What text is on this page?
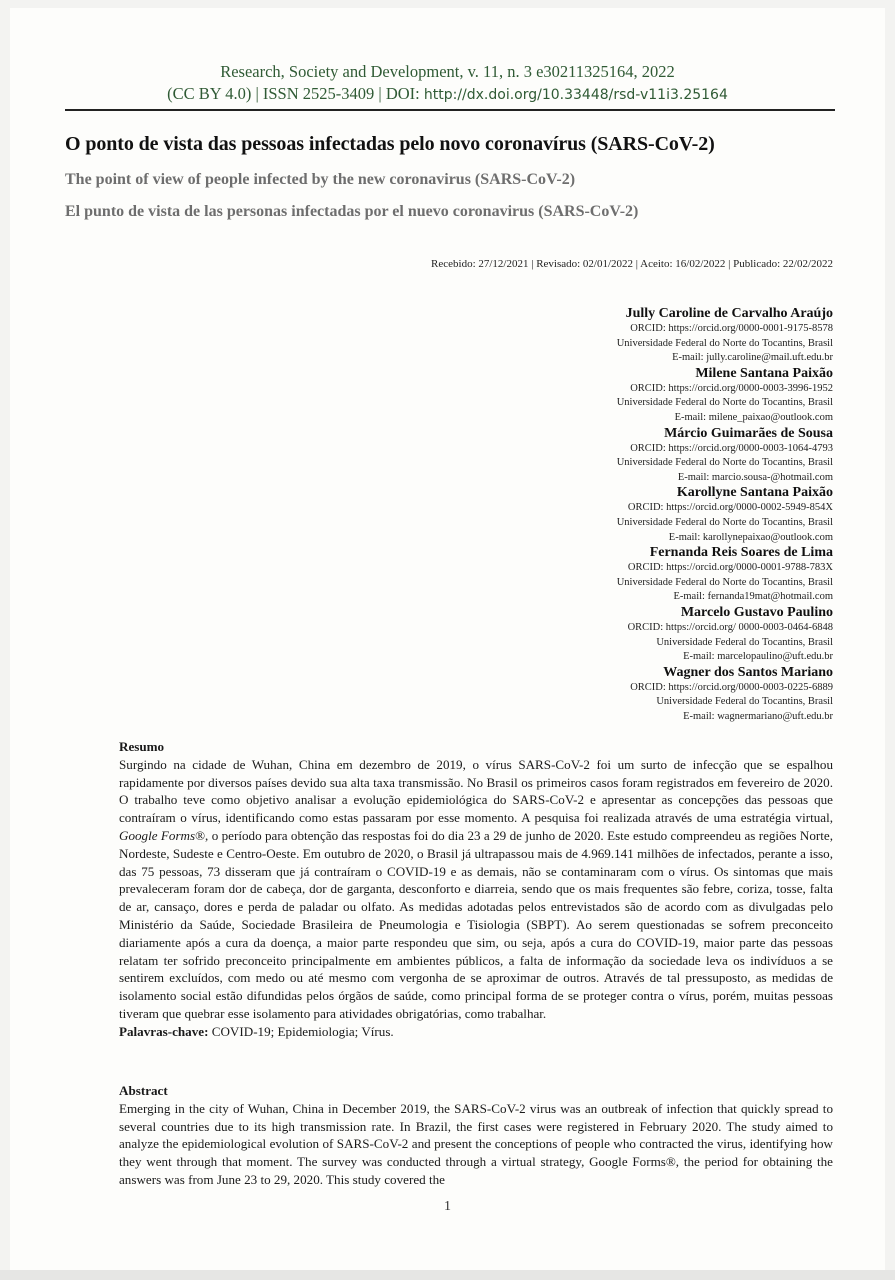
Research, Society and Development, v. 11, n. 3 e30211325164, 2022
(CC BY 4.0) | ISSN 2525-3409 | DOI: http://dx.doi.org/10.33448/rsd-v11i3.25164
O ponto de vista das pessoas infectadas pelo novo coronavírus (SARS-CoV-2)
The point of view of people infected by the new coronavirus (SARS-CoV-2)
El punto de vista de las personas infectadas por el nuevo coronavirus (SARS-CoV-2)
Recebido: 27/12/2021 | Revisado: 02/01/2022 | Aceito: 16/02/2022 | Publicado: 22/02/2022
Jully Caroline de Carvalho Araújo
ORCID: https://orcid.org/0000-0001-9175-8578
Universidade Federal do Norte do Tocantins, Brasil
E-mail: jully.caroline@mail.uft.edu.br
Milene Santana Paixão
ORCID: https://orcid.org/0000-0003-3996-1952
Universidade Federal do Norte do Tocantins, Brasil
E-mail: milene_paixao@outlook.com
Márcio Guimarães de Sousa
ORCID: https://orcid.org/0000-0003-1064-4793
Universidade Federal do Norte do Tocantins, Brasil
E-mail: marcio.sousa-@hotmail.com
Karollyne Santana Paixão
ORCID: https://orcid.org/0000-0002-5949-854X
Universidade Federal do Norte do Tocantins, Brasil
E-mail: karollynepaixao@outlook.com
Fernanda Reis Soares de Lima
ORCID: https://orcid.org/0000-0001-9788-783X
Universidade Federal do Norte do Tocantins, Brasil
E-mail: fernanda19mat@hotmail.com
Marcelo Gustavo Paulino
ORCID: https://orcid.org/ 0000-0003-0464-6848
Universidade Federal do Tocantins, Brasil
E-mail: marcelopaulino@uft.edu.br
Wagner dos Santos Mariano
ORCID: https://orcid.org/0000-0003-0225-6889
Universidade Federal do Tocantins, Brasil
E-mail: wagnermariano@uft.edu.br
Resumo
Surgindo na cidade de Wuhan, China em dezembro de 2019, o vírus SARS-CoV-2 foi um surto de infecção que se espalhou rapidamente por diversos países devido sua alta taxa transmissão. No Brasil os primeiros casos foram registrados em fevereiro de 2020. O trabalho teve como objetivo analisar a evolução epidemiológica do SARS-CoV-2 e apresentar as concepções das pessoas que contraíram o vírus, identificando como estas passaram por esse momento. A pesquisa foi realizada através de uma estratégia virtual, Google Forms®, o período para obtenção das respostas foi do dia 23 a 29 de junho de 2020. Este estudo compreendeu as regiões Norte, Nordeste, Sudeste e Centro-Oeste. Em outubro de 2020, o Brasil já ultrapassou mais de 4.969.141 milhões de infectados, perante a isso, das 75 pessoas, 73 disseram que já contraíram o COVID-19 e as demais, não se contaminaram com o vírus. Os sintomas que mais prevaleceram foram dor de cabeça, dor de garganta, desconforto e diarreia, sendo que os mais frequentes são febre, coriza, tosse, falta de ar, cansaço, dores e perda de paladar ou olfato. As medidas adotadas pelos entrevistados são de acordo com as divulgadas pelo Ministério da Saúde, Sociedade Brasileira de Pneumologia e Tisiologia (SBPT). Ao serem questionadas se sofrem preconceito diariamente após a cura da doença, a maior parte respondeu que sim, ou seja, após a cura do COVID-19, maior parte das pessoas relatam ter sofrido preconceito principalmente em ambientes públicos, a falta de informação da sociedade leva os indivíduos a se sentirem excluídos, com medo ou até mesmo com vergonha de se aproximar de outros. Através de tal pressuposto, as medidas de isolamento social estão difundidas pelos órgãos de saúde, como principal forma de se proteger contra o vírus, porém, muitas pessoas tiveram que quebrar esse isolamento para atividades obrigatórias, como trabalhar.
Palavras-chave: COVID-19; Epidemiologia; Vírus.
Abstract
Emerging in the city of Wuhan, China in December 2019, the SARS-CoV-2 virus was an outbreak of infection that quickly spread to several countries due to its high transmission rate. In Brazil, the first cases were registered in February 2020. The study aimed to analyze the epidemiological evolution of SARS-CoV-2 and present the conceptions of people who contracted the virus, identifying how they went through that moment. The survey was conducted through a virtual strategy, Google Forms®, the period for obtaining the answers was from June 23 to 29, 2020. This study covered the
1
